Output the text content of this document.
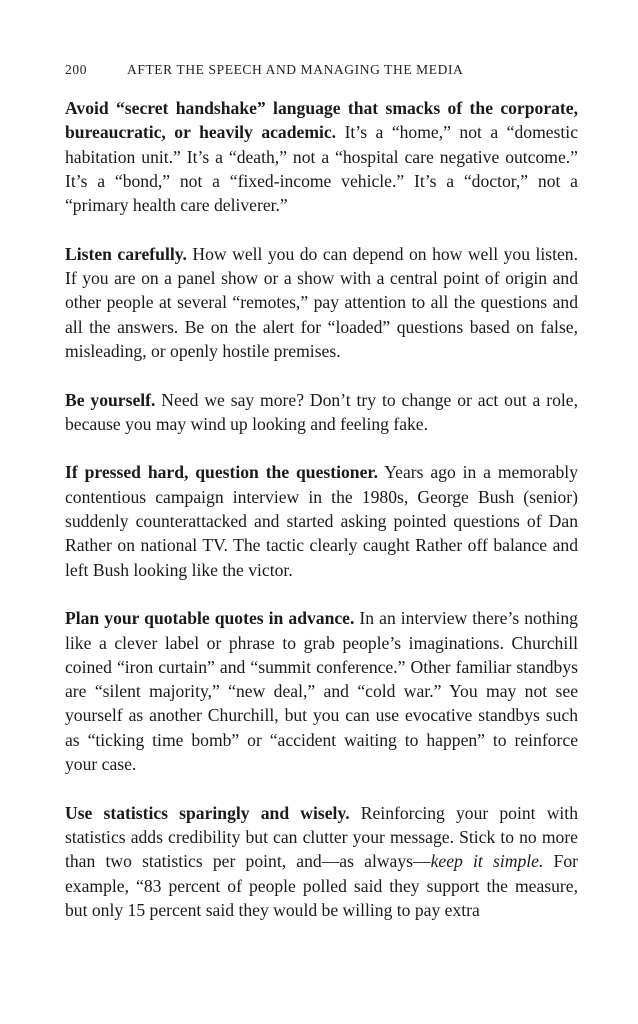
200	AFTER THE SPEECH AND MANAGING THE MEDIA

Avoid “secret handshake” language that smacks of the corporate, bureaucratic, or heavily academic. It’s a “home,” not a “domestic habitation unit.” It’s a “death,” not a “hospital care negative outcome.” It’s a “bond,” not a “fixed-income vehicle.” It’s a “doctor,” not a “primary health care deliverer.”

Listen carefully. How well you do can depend on how well you listen. If you are on a panel show or a show with a central point of origin and other people at several “remotes,” pay attention to all the questions and all the answers. Be on the alert for “loaded” questions based on false, misleading, or openly hostile premises.

Be yourself. Need we say more? Don’t try to change or act out a role, because you may wind up looking and feeling fake.

If pressed hard, question the questioner. Years ago in a memorably contentious campaign interview in the 1980s, George Bush (senior) suddenly counterattacked and started asking pointed questions of Dan Rather on national TV. The tactic clearly caught Rather off balance and left Bush looking like the victor.

Plan your quotable quotes in advance. In an interview there’s nothing like a clever label or phrase to grab people’s imaginations. Churchill coined “iron curtain” and “summit conference.” Other familiar standbys are “silent majority,” “new deal,” and “cold war.” You may not see yourself as another Churchill, but you can use evocative standbys such as “ticking time bomb” or “accident waiting to happen” to reinforce your case.

Use statistics sparingly and wisely. Reinforcing your point with statistics adds credibility but can clutter your message. Stick to no more than two statistics per point, and—as always—keep it simple. For example, “83 percent of people polled said they support the measure, but only 15 percent said they would be willing to pay extra
